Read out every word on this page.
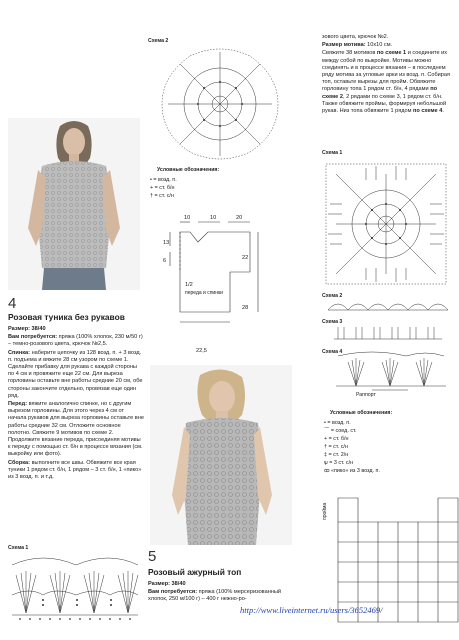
4
Розовая туника без рукавов

Размер: 38/40

Вам потребуется: пряжа (100% хлопок, 230 м/50 г) – темно-розового цвета, крючок №2,5.

Спинка: наберите цепочку из 128 возд. п. + 3 возд. п. подъема и вяжите 28 см узором по схеме 1. Сделайте прибавку для рукава с каждой стороны по 4 см и провяжите еще 22 см. Для выреза горловины оставьте вне работы средние 20 см, обе стороны закончите отдельно, провязав еще один ряд.

Перед: вяжите аналогично спинке, но с другим вырезом горловины. Для этого через 4 см от начала рукавов для выреза горловины оставьте вне работы средние 32 см. Отложите основное полотно. Свяжите 9 мотивов по схеме 2. Продолжите вязание переда, присоединяя мотивы к переду с помощью ст. б/н в процессе вязания (см. выкройку или фото).

Сборка: выполните все швы. Обвяжите все края туники 1 рядом ст. б/н, 1 рядом – 3 ст. б/н, 1 «пико» из 3 возд. п. и т.д.

Схема 1
Схема 2
Условные обозначения:
• = возд. п.
+ = ст. б/н
† = ст. с/н
10	10	20
13
6	22
28
1/2
переда и спинки
22,5
5
Розовый ажурный топ

Размер: 38/40

Вам потребуется: пряжа (100% мерсеризованный хлопок, 250 м/100 г) – 400 г нежно-ро-

http://www.liveinternet.ru/users/3652469/

зового цвета, крючок №2.

Размер мотива: 10х10 см.

Свяжите 38 мотивов по схеме 1 и соедините их между собой по выкройке. Мотивы можно соединять и в процессе вязания – в последнем ряду мотива за угловые арки из возд. п. Собирая топ, оставьте вырезы для пройм. Обвяжите горловину топа 1 рядом ст. б/н, 4 рядами по схеме 2, 2 рядами по схеме 3, 1 рядом ст. б/н. Также обвяжите проймы, формируя небольшой рукав. Низ топа обвяжите 1 рядом по схеме 4.

Схема 1
Схема 2
Схема 3
Схема 4
Раппорт
Условные обозначения:
• = возд. п.
⌒ = соед. ст.
+ = ст. б/н
† = ст. с/н
‡ = ст. 2/н
ѱ = 3 ст. с/н
ꝏ «пико» из 3 возд. п.
пройма
